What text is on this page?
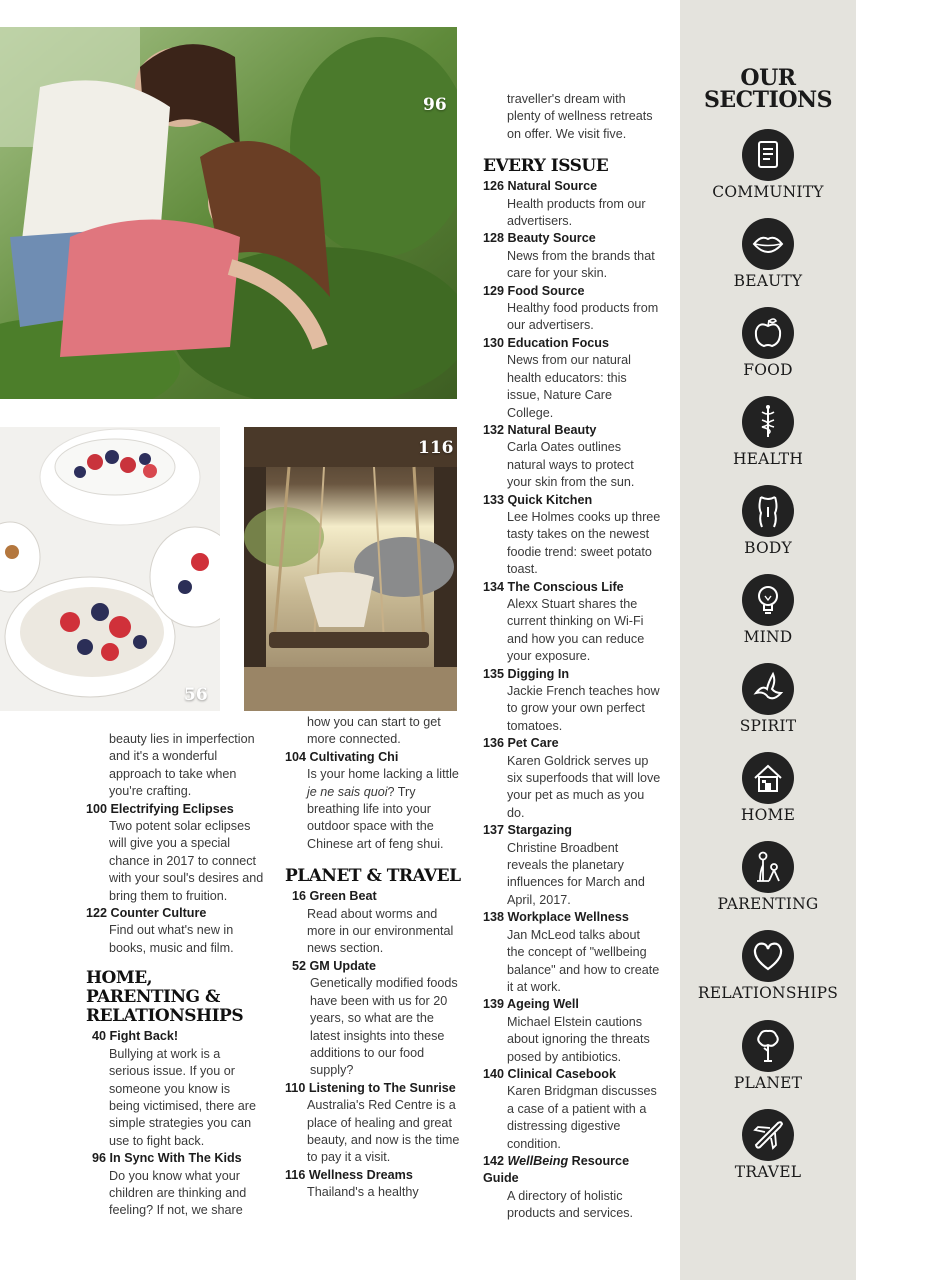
96
56
116
beauty lies in imperfection and it's a wonderful approach to take when you're crafting.
100 Electrifying Eclipses
Two potent solar eclipses will give you a special chance in 2017 to connect with your soul's desires and bring them to fruition.
122 Counter Culture
Find out what's new in books, music and film.
HOME, PARENTING & RELATIONSHIPS
40 Fight Back!
Bullying at work is a serious issue. If you or someone you know is being victimised, there are simple strategies you can use to fight back.
96 In Sync With The Kids
Do you know what your children are thinking and feeling? If not, we share
how you can start to get more connected.
104 Cultivating Chi
Is your home lacking a little je ne sais quoi? Try breathing life into your outdoor space with the Chinese art of feng shui.
PLANET & TRAVEL
16 Green Beat
Read about worms and more in our environmental news section.
52 GM Update
Genetically modified foods have been with us for 20 years, so what are the latest insights into these additions to our food supply?
110 Listening to The Sunrise
Australia's Red Centre is a place of healing and great beauty, and now is the time to pay it a visit.
116 Wellness Dreams
Thailand's a healthy
traveller's dream with plenty of wellness retreats on offer. We visit five.
EVERY ISSUE
126 Natural Source
Health products from our advertisers.
128 Beauty Source
News from the brands that care for your skin.
129 Food Source
Healthy food products from our advertisers.
130 Education Focus
News from our natural health educators: this issue, Nature Care College.
132 Natural Beauty
Carla Oates outlines natural ways to protect your skin from the sun.
133 Quick Kitchen
Lee Holmes cooks up three tasty takes on the newest foodie trend: sweet potato toast.
134 The Conscious Life
Alexx Stuart shares the current thinking on Wi-Fi and how you can reduce your exposure.
135 Digging In
Jackie French teaches how to grow your own perfect tomatoes.
136 Pet Care
Karen Goldrick serves up six superfoods that will love your pet as much as you do.
137 Stargazing
Christine Broadbent reveals the planetary influences for March and April, 2017.
138 Workplace Wellness
Jan McLeod talks about the concept of "wellbeing balance" and how to create it at work.
139 Ageing Well
Michael Elstein cautions about ignoring the threats posed by antibiotics.
140 Clinical Casebook
Karen Bridgman discusses a case of a patient with a distressing digestive condition.
142 WellBeing Resource Guide
A directory of holistic products and services.
OUR
SECTIONS
COMMUNITY
BEAUTY
FOOD
HEALTH
BODY
MIND
SPIRIT
HOME
PARENTING
RELATIONSHIPS
PLANET
TRAVEL
